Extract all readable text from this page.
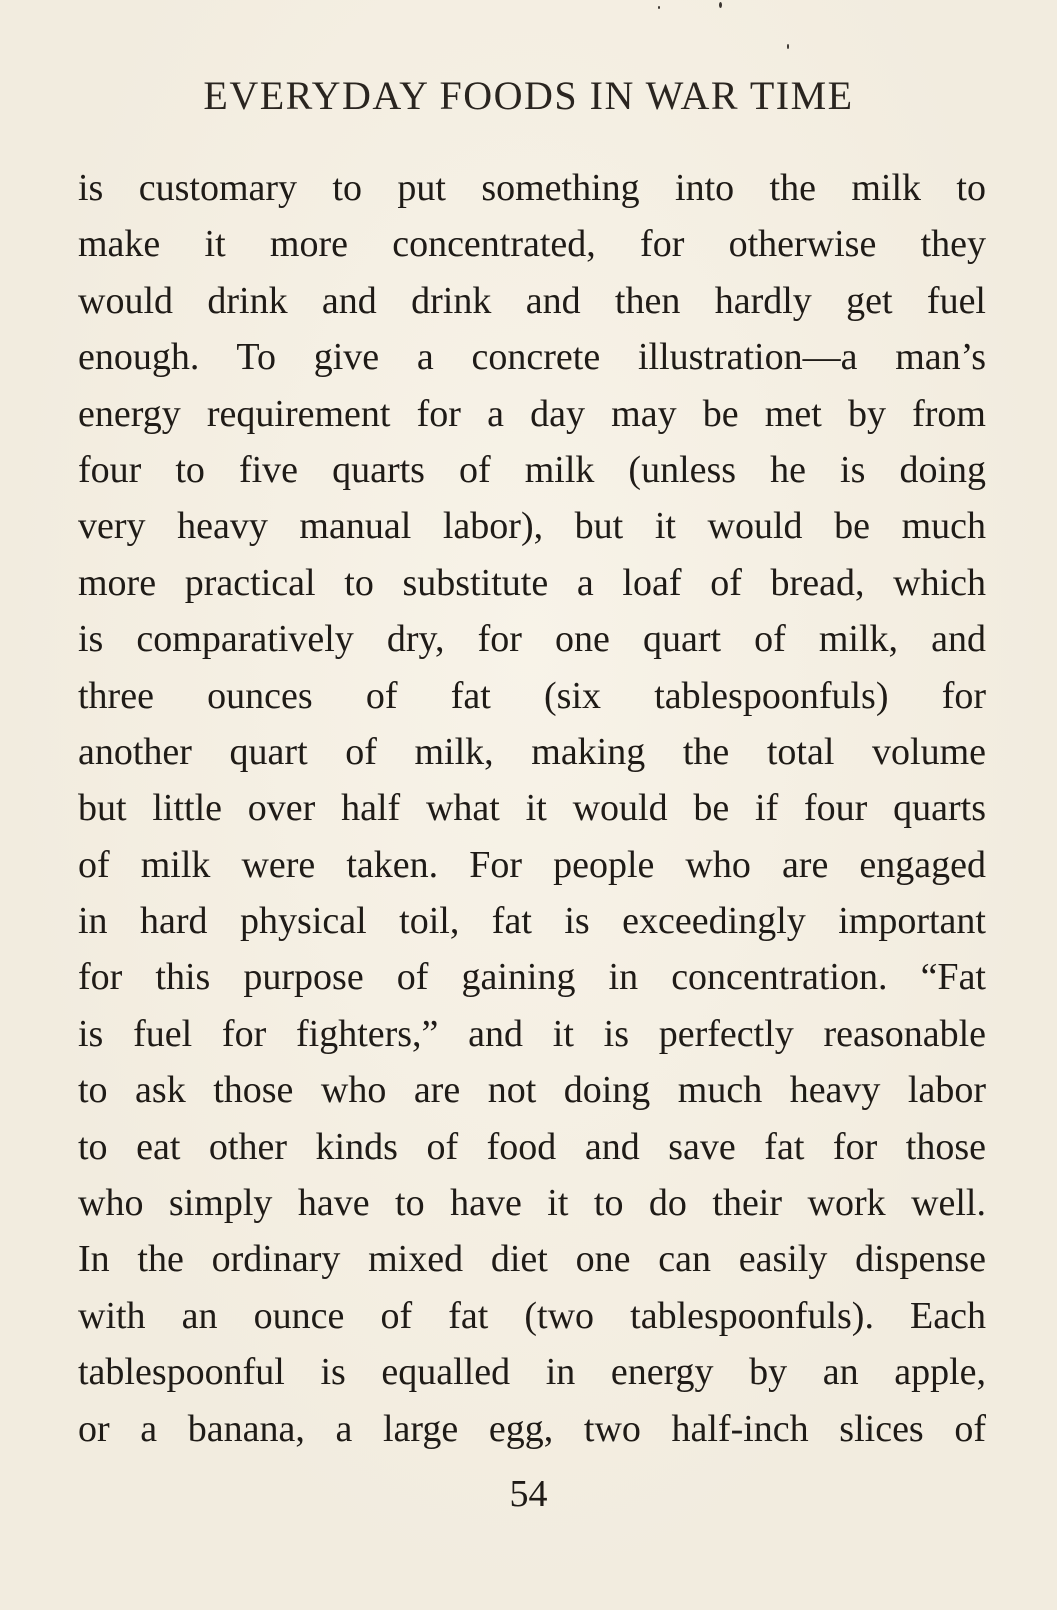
EVERYDAY FOODS IN WAR TIME
is customary to put something into the milk to
make it more concentrated, for otherwise they
would drink and drink and then hardly get fuel
enough. To give a concrete illustration—a man’s
energy requirement for a day may be met by from
four to five quarts of milk (unless he is doing
very heavy manual labor), but it would be much
more practical to substitute a loaf of bread, which
is comparatively dry, for one quart of milk, and
three ounces of fat (six tablespoonfuls) for
another quart of milk, making the total volume
but little over half what it would be if four quarts
of milk were taken. For people who are engaged
in hard physical toil, fat is exceedingly important
for this purpose of gaining in concentration. “Fat
is fuel for fighters,” and it is perfectly reasonable
to ask those who are not doing much heavy labor
to eat other kinds of food and save fat for those
who simply have to have it to do their work well.
In the ordinary mixed diet one can easily dispense
with an ounce of fat (two tablespoonfuls). Each
tablespoonful is equalled in energy by an apple,
or a banana, a large egg, two half-inch slices of
54
